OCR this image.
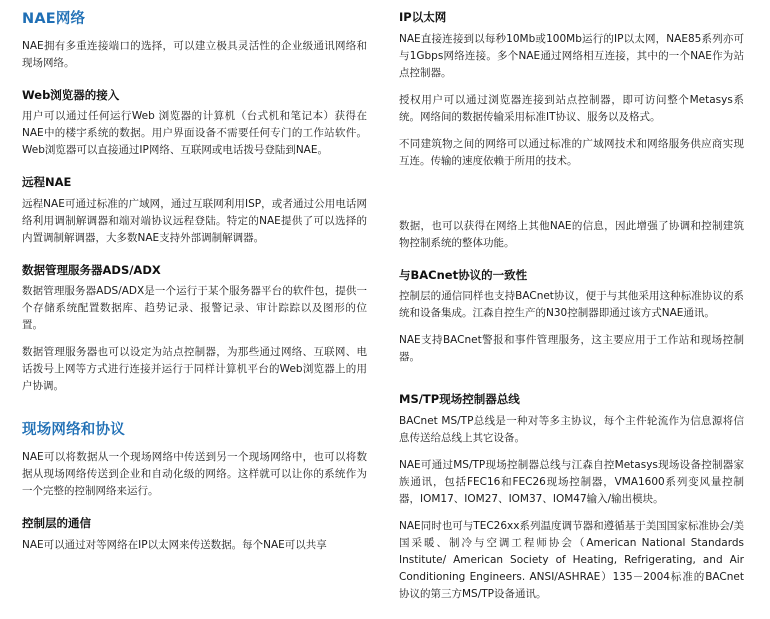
NAE网络

NAE拥有多重连接端口的选择，可以建立极具灵活性的企业级通讯网络和现场网络。

Web浏览器的接入

用户可以通过任何运行Web 浏览器的计算机（台式机和笔记本）获得在NAE中的楼宇系统的数据。用户界面设备不需要任何专门的工作站软件。Web浏览器可以直接通过IP网络、互联网或电话拨号登陆到NAE。

远程NAE

远程NAE可通过标准的广域网，通过互联网利用ISP，或者通过公用电话网络利用调制解调器和端对端协议远程登陆。特定的NAE提供了可以选择的内置调制解调器，大多数NAE支持外部调制解调器。

数据管理服务器ADS/ADX

数据管理服务器ADS/ADX是一个运行于某个服务器平台的软件包，提供一个存储系统配置数据库、趋势记录、报警记录、审计踪踪以及图形的位置。

数据管理服务器也可以设定为站点控制器，为那些通过网络、互联网、电话拨号上网等方式进行连接并运行于同样计算机平台的Web浏览器上的用户协调。

现场网络和协议

NAE可以将数据从一个现场网络中传送到另一个现场网络中，也可以将数据从现场网络传送到企业和自动化级的网络。这样就可以让你的系统作为一个完整的控制网络来运行。

控制层的通信

NAE可以通过对等网络在IP以太网来传送数据。每个NAE可以共享

IP以太网

NAE直接连接到以每秒10Mb或100Mb运行的IP以太网，NAE85系列亦可与1Gbps网络连接。多个NAE通过网络相互连接，其中的一个NAE作为站点控制器。

授权用户可以通过浏览器连接到站点控制器，即可访问整个Metasys系统。网络间的数据传输采用标准IT协议、服务以及格式。

不同建筑物之间的网络可以通过标准的广域网技术和网络服务供应商实现互连。传输的速度依赖于所用的技术。

数据，也可以获得在网络上其他NAE的信息，因此增强了协调和控制建筑物控制系统的整体功能。

与BACnet协议的一致性

控制层的通信同样也支持BACnet协议，便于与其他采用这种标准协议的系统和设备集成。江森自控生产的N30控制器即通过该方式NAE通讯。

NAE支持BACnet警报和事件管理服务，这主要应用于工作站和现场控制器。

MS/TP现场控制器总线

BACnet MS/TP总线是一种对等多主协议，每个主件轮流作为信息源将信息传送给总线上其它设备。

NAE可通过MS/TP现场控制器总线与江森自控Metasys现场设备控制器家族通讯，包括FEC16和FEC26现场控制器，VMA1600系列变风量控制器，IOM17、IOM27、IOM37、IOM47输入/输出模块。

NAE同时也可与TEC26xx系列温度调节器和遵循基于美国国家标准协会/美国采暖、制冷与空调工程师协会（American National Standards Institute/ American Society of Heating, Refrigerating, and Air Conditioning Engineers. ANSI/ASHRAE）135－2004标准的BACnet协议的第三方MS/TP设备通讯。
